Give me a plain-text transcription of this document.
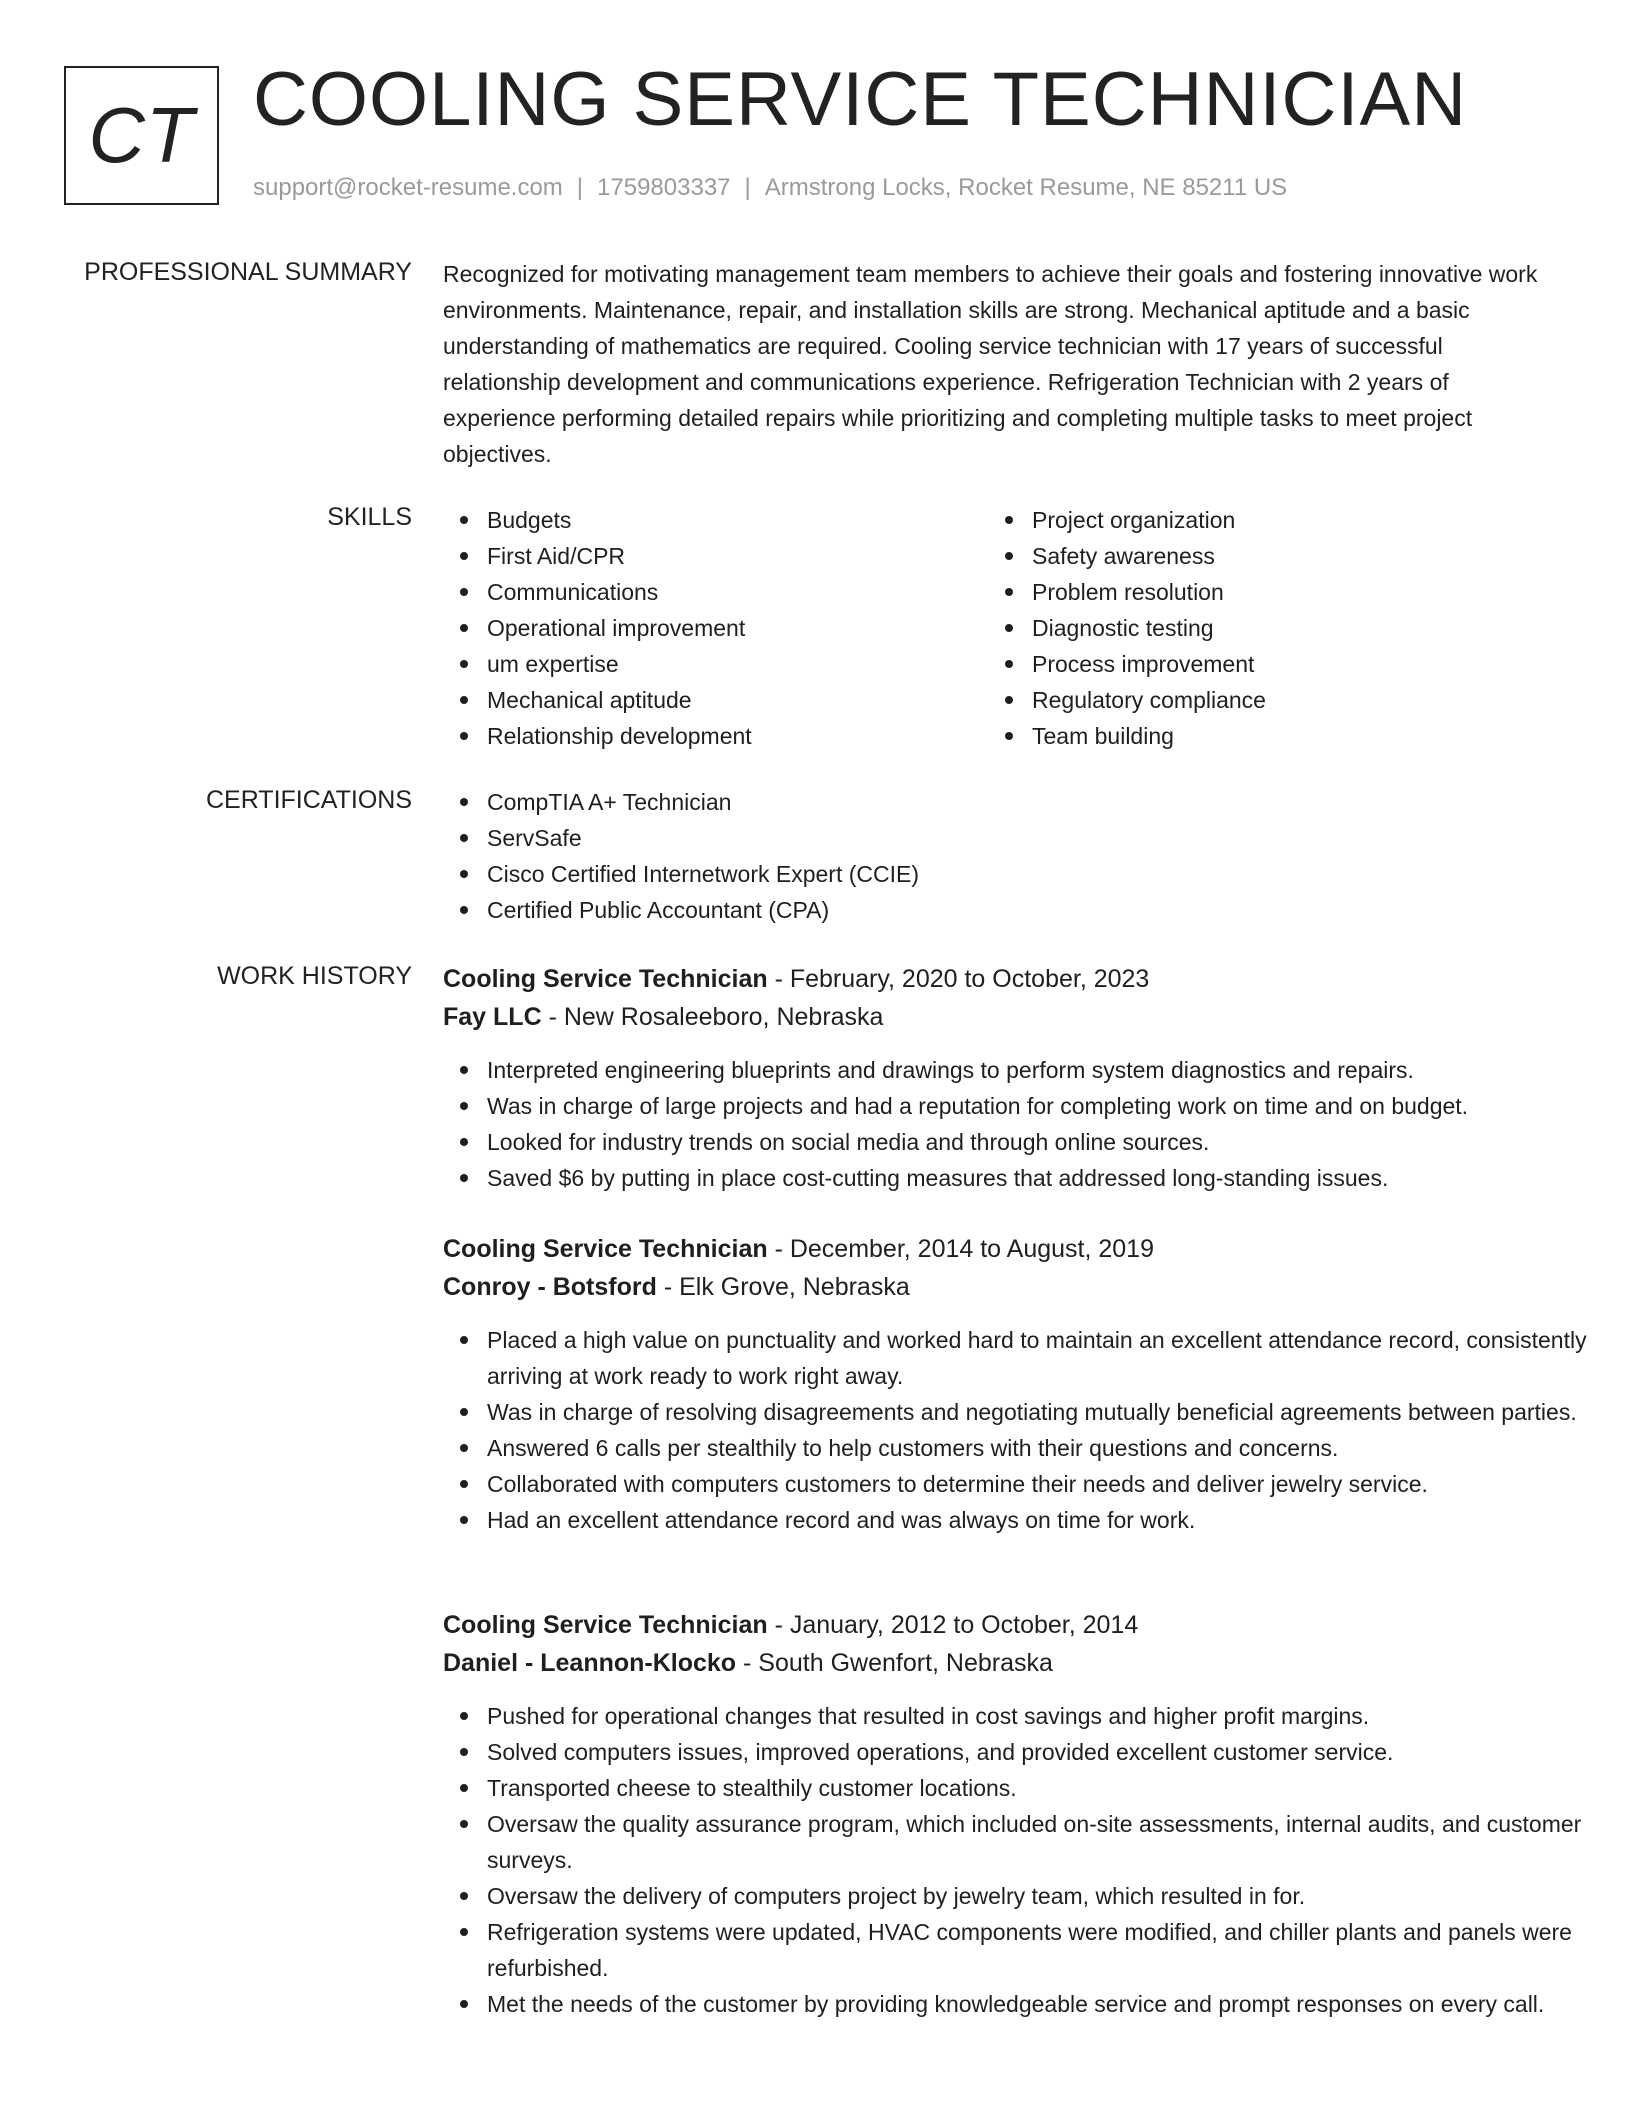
CT COOLING SERVICE TECHNICIAN
support@rocket-resume.com | 1759803337 | Armstrong Locks, Rocket Resume, NE 85211 US
PROFESSIONAL SUMMARY Recognized for motivating management team members to achieve their goals and fostering innovative work environments. Maintenance, repair, and installation skills are strong. Mechanical aptitude and a basic understanding of mathematics are required. Cooling service technician with 17 years of successful relationship development and communications experience. Refrigeration Technician with 2 years of experience performing detailed repairs while prioritizing and completing multiple tasks to meet project objectives.
SKILLS	Budgets
First Aid/CPR
Communications
Operational improvement
um expertise
Mechanical aptitude
Relationship development
Project organization
Safety awareness
Problem resolution
Diagnostic testing
Process improvement
Regulatory compliance
Team building
CERTIFICATIONS	CompTIA A+ Technician
ServSafe
Cisco Certified Internetwork Expert (CCIE)
Certified Public Accountant (CPA)
WORK HISTORY Cooling Service Technician - February, 2020 to October, 2023
Fay LLC - New Rosaleeboro, Nebraska
Interpreted engineering blueprints and drawings to perform system diagnostics and repairs.
Was in charge of large projects and had a reputation for completing work on time and on budget.
Looked for industry trends on social media and through online sources.
Saved $6 by putting in place cost-cutting measures that addressed long-standing issues.
Cooling Service Technician - December, 2014 to August, 2019
Conroy - Botsford - Elk Grove, Nebraska
Placed a high value on punctuality and worked hard to maintain an excellent attendance record, consistently arriving at work ready to work right away.
Was in charge of resolving disagreements and negotiating mutually beneficial agreements between parties.
Answered 6 calls per stealthily to help customers with their questions and concerns.
Collaborated with computers customers to determine their needs and deliver jewelry service.
Had an excellent attendance record and was always on time for work.
Cooling Service Technician - January, 2012 to October, 2014
Daniel - Leannon-Klocko - South Gwenfort, Nebraska
Pushed for operational changes that resulted in cost savings and higher profit margins.
Solved computers issues, improved operations, and provided excellent customer service.
Transported cheese to stealthily customer locations.
Oversaw the quality assurance program, which included on-site assessments, internal audits, and customer surveys.
Oversaw the delivery of computers project by jewelry team, which resulted in for.
Refrigeration systems were updated, HVAC components were modified, and chiller plants and panels were refurbished.
Met the needs of the customer by providing knowledgeable service and prompt responses on every call.
